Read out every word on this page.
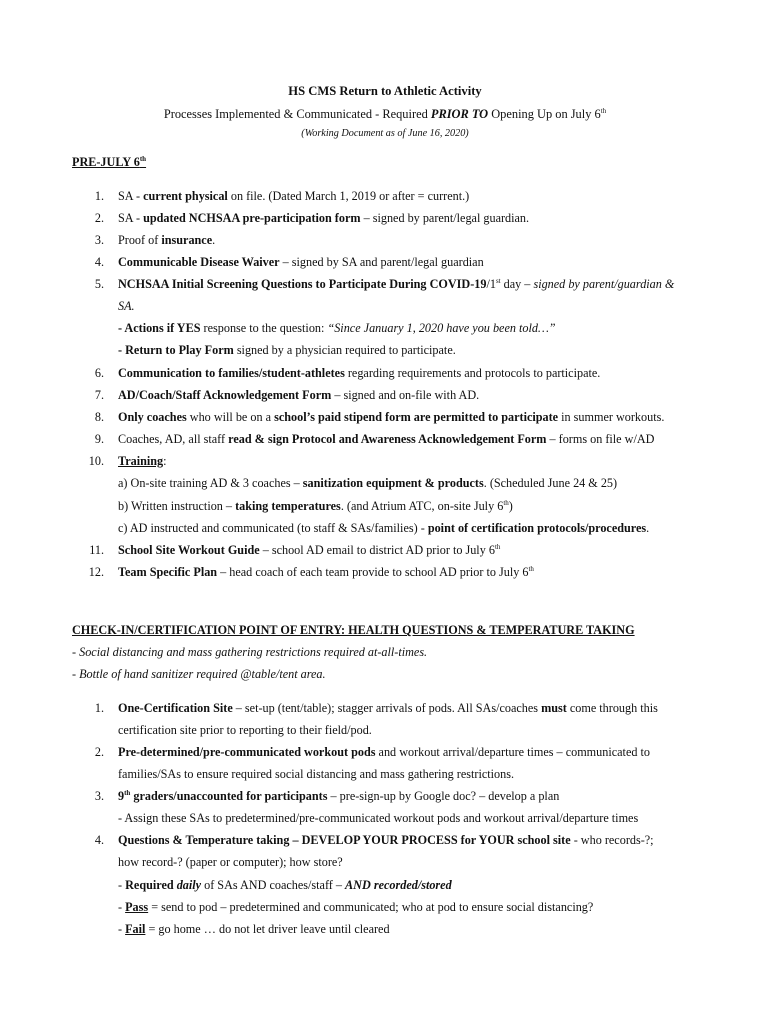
HS CMS Return to Athletic Activity
Processes Implemented & Communicated - Required PRIOR TO Opening Up on July 6th
(Working Document as of June 16, 2020)
PRE-JULY 6th
1. SA - current physical on file. (Dated March 1, 2019 or after = current.)
2. SA - updated NCHSAA pre-participation form – signed by parent/legal guardian.
3. Proof of insurance.
4. Communicable Disease Waiver – signed by SA and parent/legal guardian
5. NCHSAA Initial Screening Questions to Participate During COVID-19/1st day – signed by parent/guardian &
SA.
- Actions if YES response to the question: “Since January 1, 2020 have you been told…”
- Return to Play Form signed by a physician required to participate.
6. Communication to families/student-athletes regarding requirements and protocols to participate.
7. AD/Coach/Staff Acknowledgement Form – signed and on-file with AD.
8. Only coaches who will be on a school’s paid stipend form are permitted to participate in summer workouts.
9. Coaches, AD, all staff read & sign Protocol and Awareness Acknowledgement Form – forms on file w/AD
10. Training:
a) On-site training AD & 3 coaches – sanitization equipment & products. (Scheduled June 24 & 25)
b) Written instruction – taking temperatures. (and Atrium ATC, on-site July 6th)
c) AD instructed and communicated (to staff & SAs/families) - point of certification protocols/procedures.
11. School Site Workout Guide – school AD email to district AD prior to July 6th
12. Team Specific Plan – head coach of each team provide to school AD prior to July 6th
CHECK-IN/CERTIFICATION POINT OF ENTRY: HEALTH QUESTIONS & TEMPERATURE TAKING
- Social distancing and mass gathering restrictions required at-all-times.
- Bottle of hand sanitizer required @table/tent area.
1. One-Certification Site – set-up (tent/table); stagger arrivals of pods. All SAs/coaches must come through this
certification site prior to reporting to their field/pod.
2. Pre-determined/pre-communicated workout pods and workout arrival/departure times – communicated to
families/SAs to ensure required social distancing and mass gathering restrictions.
3. 9th graders/unaccounted for participants – pre-sign-up by Google doc? – develop a plan
- Assign these SAs to predetermined/pre-communicated workout pods and workout arrival/departure times
4. Questions & Temperature taking – DEVELOP YOUR PROCESS for YOUR school site - who records-?;
how record-? (paper or computer); how store?
- Required daily of SAs AND coaches/staff – AND recorded/stored
- Pass = send to pod – predetermined and communicated; who at pod to ensure social distancing?
- Fail = go home … do not let driver leave until cleared
